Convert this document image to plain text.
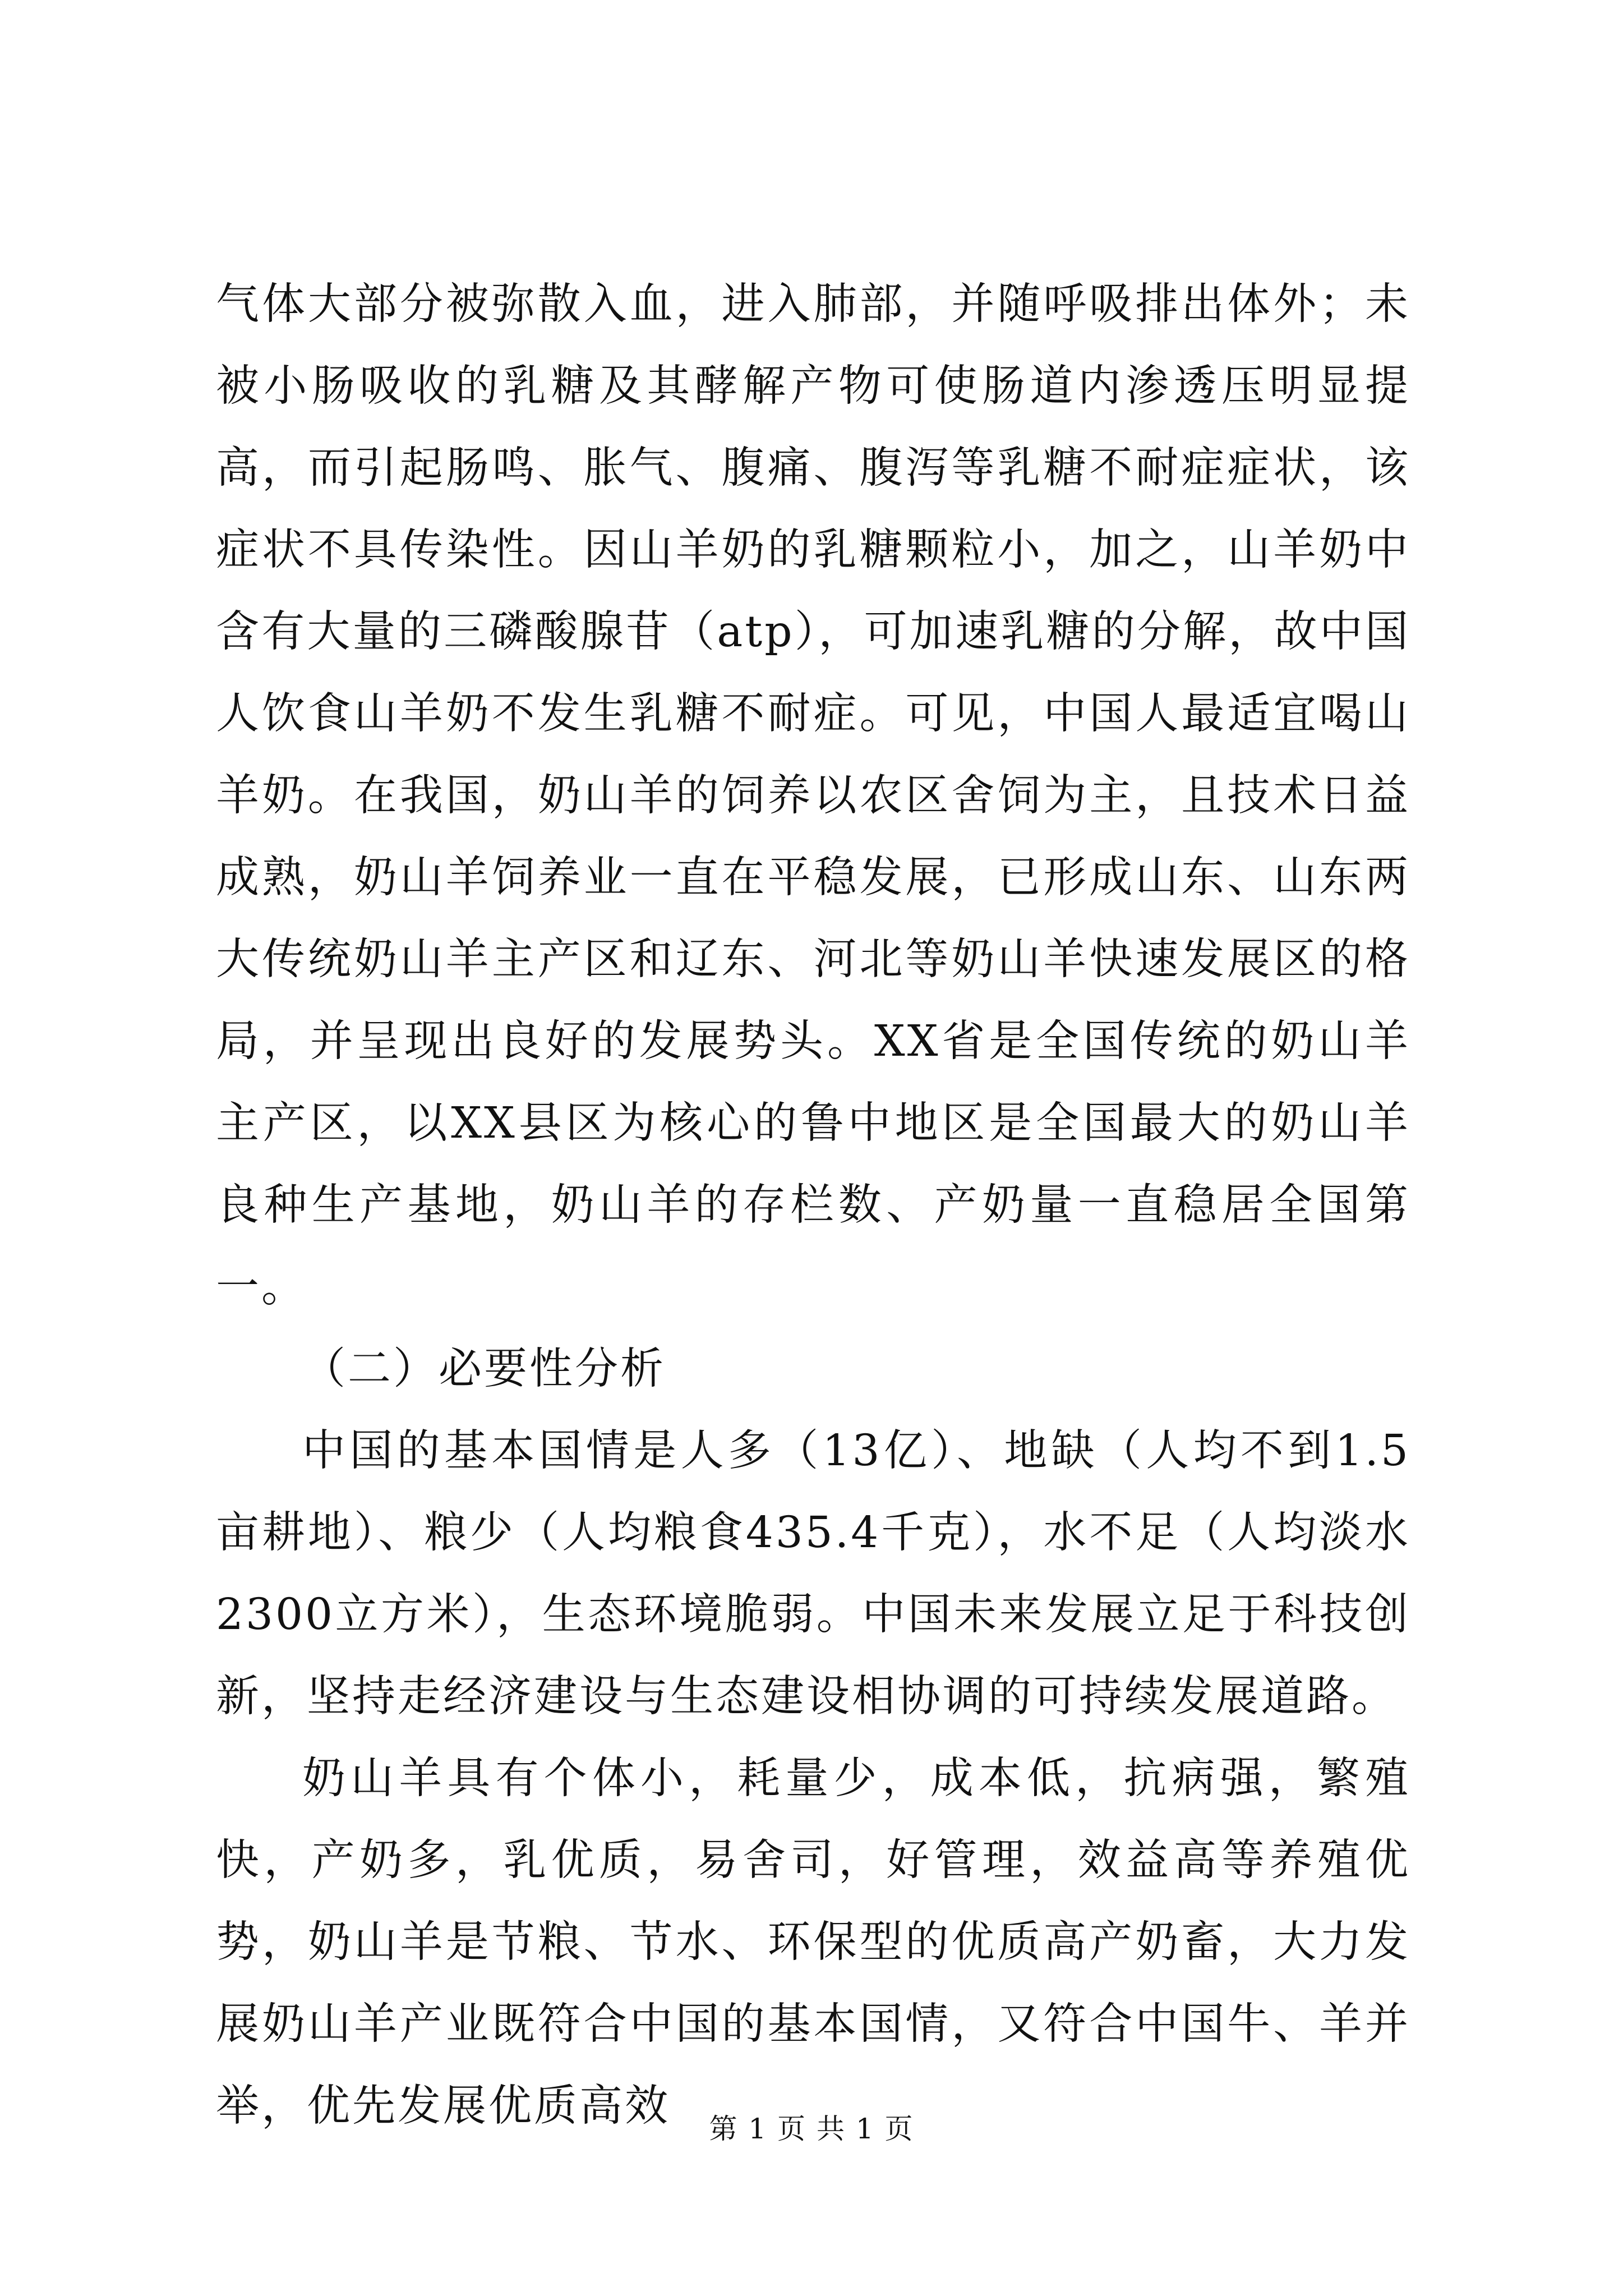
气体大部分被弥散入血，进入肺部，并随呼吸排出体外；未被小肠吸收的乳糖及其酵解产物可使肠道内渗透压明显提高，而引起肠鸣、胀气、腹痛、腹泻等乳糖不耐症症状，该症状不具传染性。因山羊奶的乳糖颗粒小，加之，山羊奶中含有大量的三磷酸腺苷（atp），可加速乳糖的分解，故中国人饮食山羊奶不发生乳糖不耐症。可见，中国人最适宜喝山羊奶。在我国，奶山羊的饲养以农区舍饲为主，且技术日益成熟，奶山羊饲养业一直在平稳发展，已形成山东、山东两大传统奶山羊主产区和辽东、河北等奶山羊快速发展区的格局，并呈现出良好的发展势头。XX省是全国传统的奶山羊主产区，以XX县区为核心的鲁中地区是全国最大的奶山羊良种生产基地，奶山羊的存栏数、产奶量一直稳居全国第一。

（二）必要性分析

中国的基本国情是人多（13亿）、地缺（人均不到1.5亩耕地）、粮少（人均粮食435.4千克），水不足（人均淡水2300立方米），生态环境脆弱。中国未来发展立足于科技创新，坚持走经济建设与生态建设相协调的可持续发展道路。

奶山羊具有个体小，耗量少，成本低，抗病强，繁殖快，产奶多，乳优质，易舍司，好管理，效益高等养殖优势，奶山羊是节粮、节水、环保型的优质高产奶畜，大力发展奶山羊产业既符合中国的基本国情，又符合中国牛、羊并举，优先发展优质高效	第 1 页 共 1 页
